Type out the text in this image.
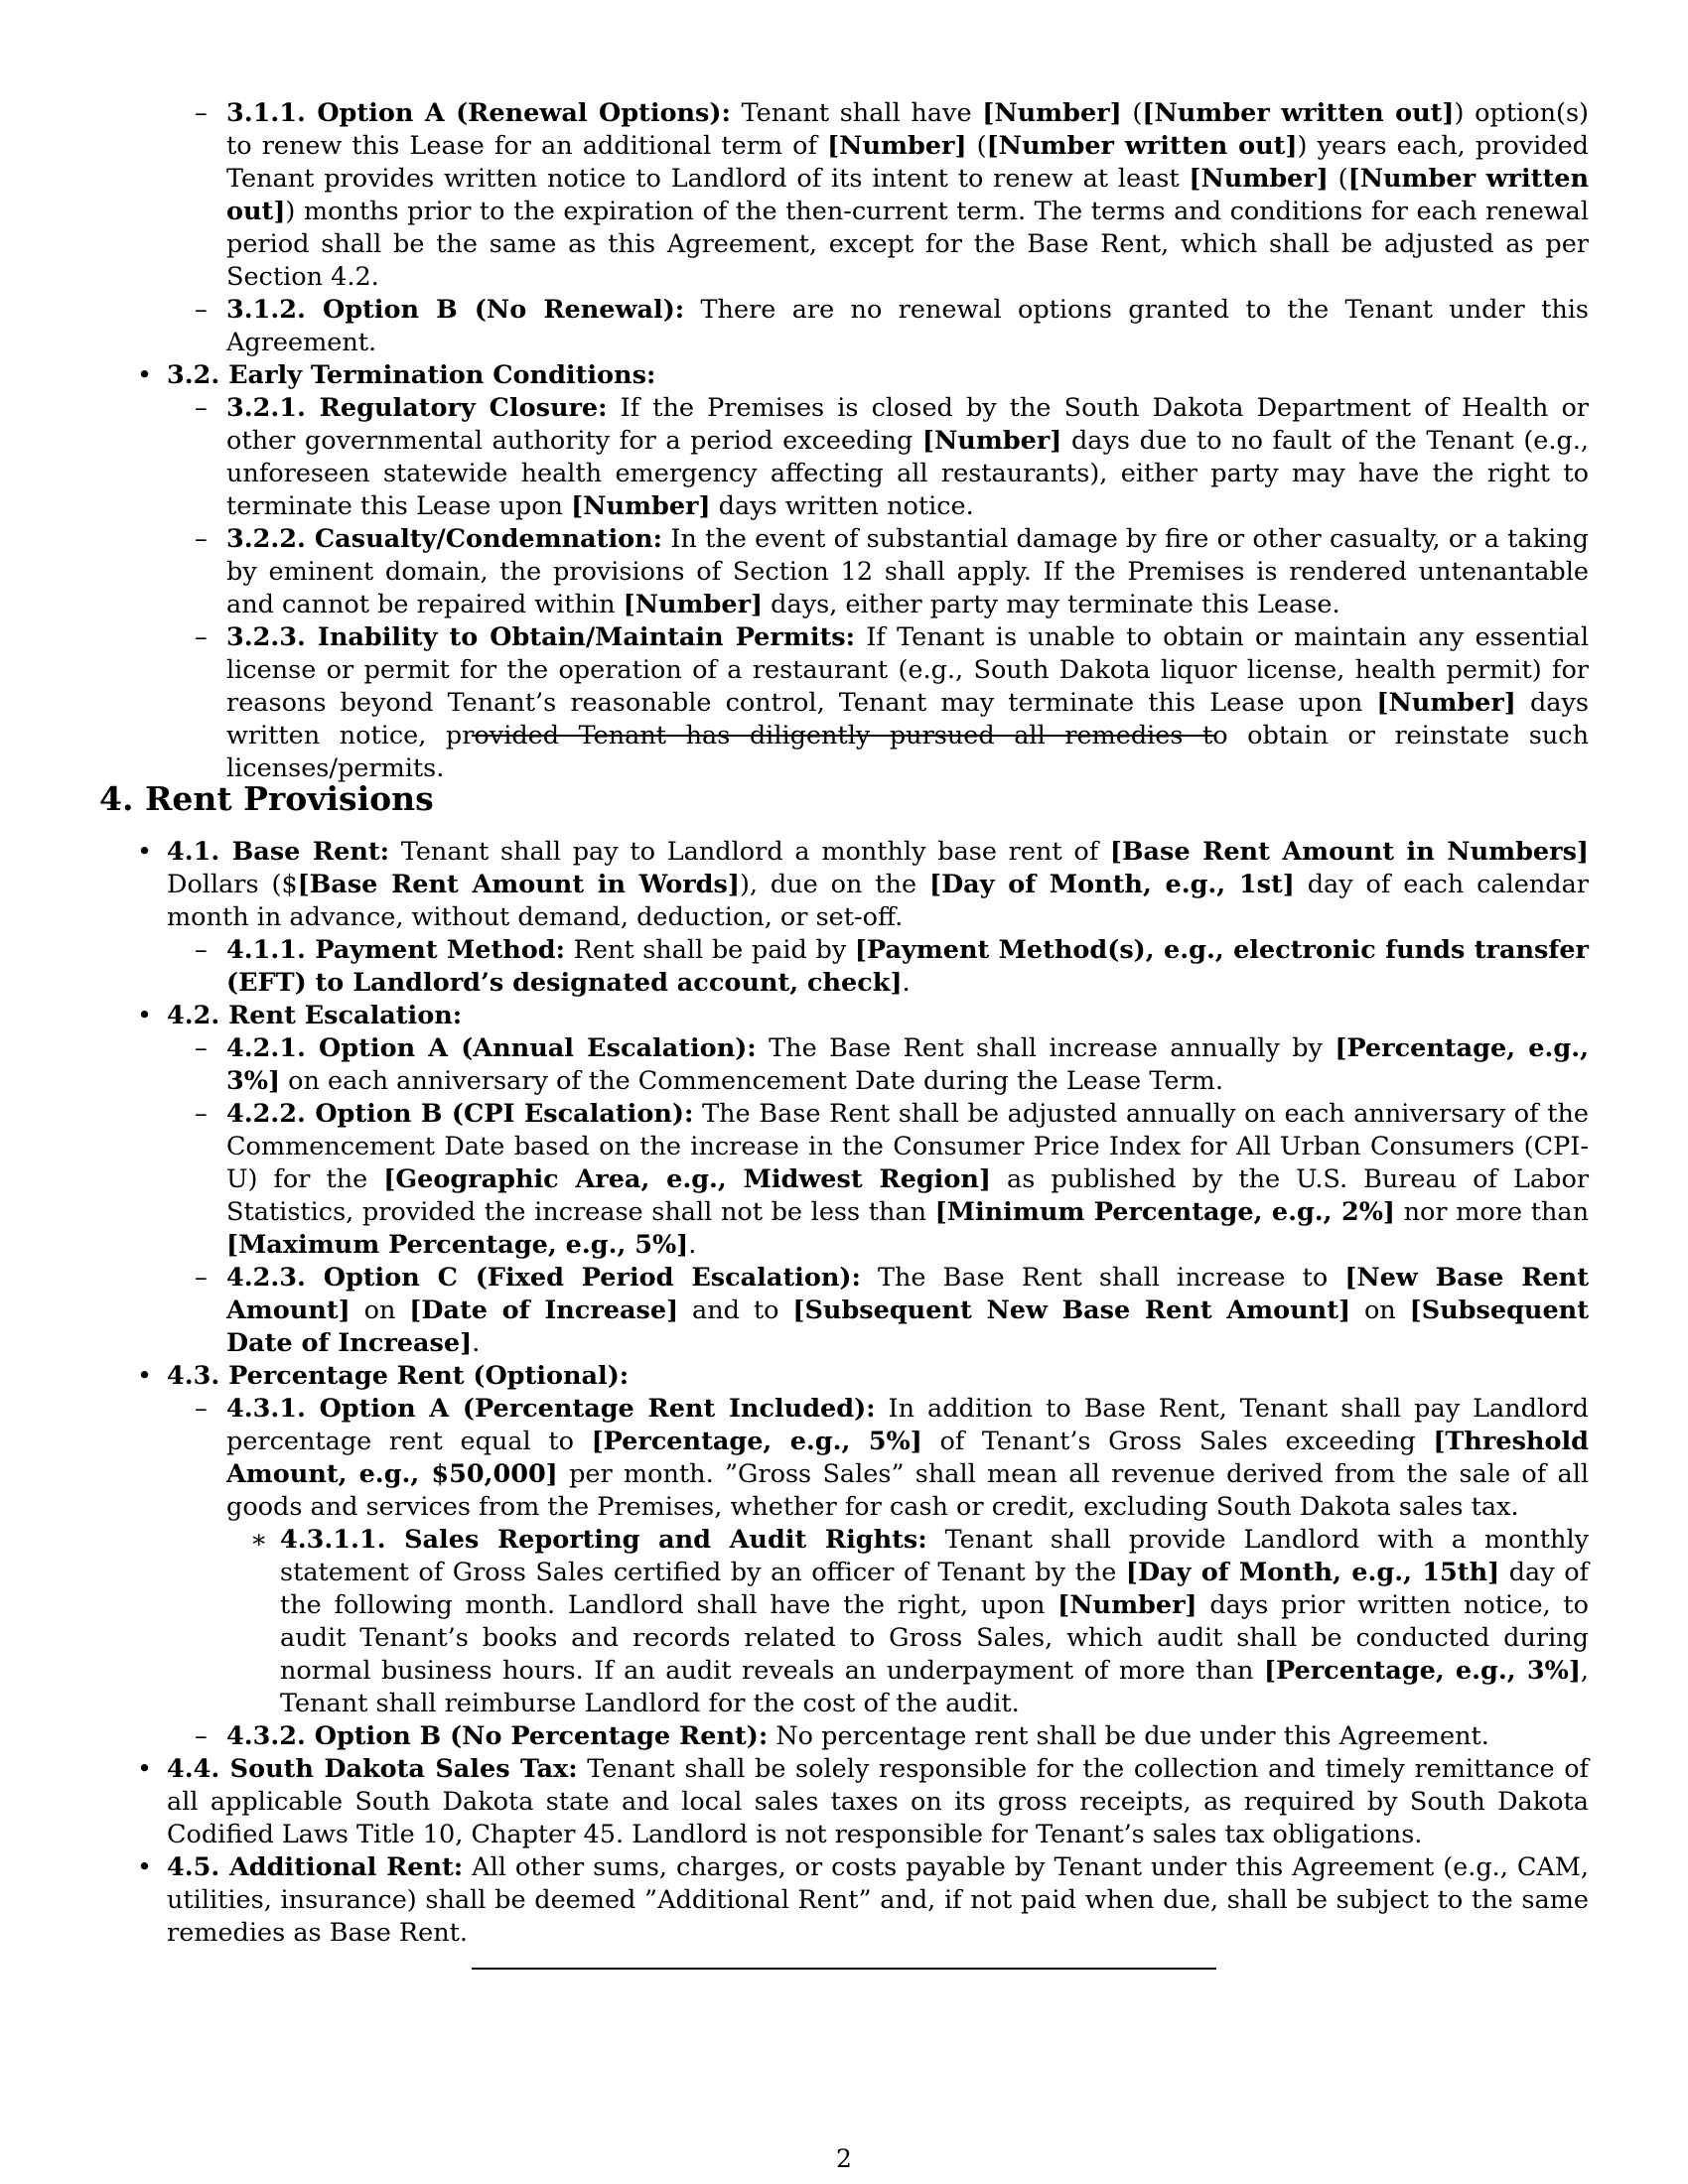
– 3.1.1. Option A (Renewal Options): Tenant shall have [Number] ([Number written out]) option(s) to renew this Lease for an additional term of [Number] ([Number written out]) years each, provided Tenant provides written notice to Landlord of its intent to renew at least [Number] ([Number written out]) months prior to the expiration of the then-current term. The terms and conditions for each renewal period shall be the same as this Agreement, except for the Base Rent, which shall be adjusted as per Section 4.2.

– 3.1.2. Option B (No Renewal): There are no renewal options granted to the Tenant under this Agreement.

• 3.2. Early Termination Conditions:

– 3.2.1. Regulatory Closure: If the Premises is closed by the South Dakota Department of Health or other governmental authority for a period exceeding [Number] days due to no fault of the Tenant (e.g., unforeseen statewide health emergency affecting all restaurants), either party may have the right to terminate this Lease upon [Number] days written notice.

– 3.2.2. Casualty/Condemnation: In the event of substantial damage by fire or other casualty, or a taking by eminent domain, the provisions of Section 12 shall apply. If the Premises is rendered untenantable and cannot be repaired within [Number] days, either party may terminate this Lease.

– 3.2.3. Inability to Obtain/Maintain Permits: If Tenant is unable to obtain or maintain any essential license or permit for the operation of a restaurant (e.g., South Dakota liquor license, health permit) for reasons beyond Tenant’s reasonable control, Tenant may terminate this Lease upon [Number] days written notice, provided Tenant has diligently pursued all remedies to obtain or reinstate such licenses/permits.

4. Rent Provisions

• 4.1. Base Rent: Tenant shall pay to Landlord a monthly base rent of [Base Rent Amount in Numbers] Dollars ($[Base Rent Amount in Words]), due on the [Day of Month, e.g., 1st] day of each calendar month in advance, without demand, deduction, or set-off.

– 4.1.1. Payment Method: Rent shall be paid by [Payment Method(s), e.g., electronic funds transfer (EFT) to Landlord’s designated account, check].

• 4.2. Rent Escalation:

– 4.2.1. Option A (Annual Escalation): The Base Rent shall increase annually by [Percentage, e.g., 3%] on each anniversary of the Commencement Date during the Lease Term.

– 4.2.2. Option B (CPI Escalation): The Base Rent shall be adjusted annually on each anniversary of the Commencement Date based on the increase in the Consumer Price Index for All Urban Consumers (CPI-U) for the [Geographic Area, e.g., Midwest Region] as published by the U.S. Bureau of Labor Statistics, provided the increase shall not be less than [Minimum Percentage, e.g., 2%] nor more than [Maximum Percentage, e.g., 5%].

– 4.2.3. Option C (Fixed Period Escalation): The Base Rent shall increase to [New Base Rent Amount] on [Date of Increase] and to [Subsequent New Base Rent Amount] on [Subsequent Date of Increase].

• 4.3. Percentage Rent (Optional):

– 4.3.1. Option A (Percentage Rent Included): In addition to Base Rent, Tenant shall pay Landlord percentage rent equal to [Percentage, e.g., 5%] of Tenant’s Gross Sales exceeding [Threshold Amount, e.g., $50,000] per month. ”Gross Sales” shall mean all revenue derived from the sale of all goods and services from the Premises, whether for cash or credit, excluding South Dakota sales tax.

∗ 4.3.1.1. Sales Reporting and Audit Rights: Tenant shall provide Landlord with a monthly statement of Gross Sales certified by an officer of Tenant by the [Day of Month, e.g., 15th] day of the following month. Landlord shall have the right, upon [Number] days prior written notice, to audit Tenant’s books and records related to Gross Sales, which audit shall be conducted during normal business hours. If an audit reveals an underpayment of more than [Percentage, e.g., 3%], Tenant shall reimburse Landlord for the cost of the audit.

– 4.3.2. Option B (No Percentage Rent): No percentage rent shall be due under this Agreement.

• 4.4. South Dakota Sales Tax: Tenant shall be solely responsible for the collection and timely remittance of all applicable South Dakota state and local sales taxes on its gross receipts, as required by South Dakota Codified Laws Title 10, Chapter 45. Landlord is not responsible for Tenant’s sales tax obligations.

• 4.5. Additional Rent: All other sums, charges, or costs payable by Tenant under this Agreement (e.g., CAM, utilities, insurance) shall be deemed ”Additional Rent” and, if not paid when due, shall be subject to the same remedies as Base Rent.

2
